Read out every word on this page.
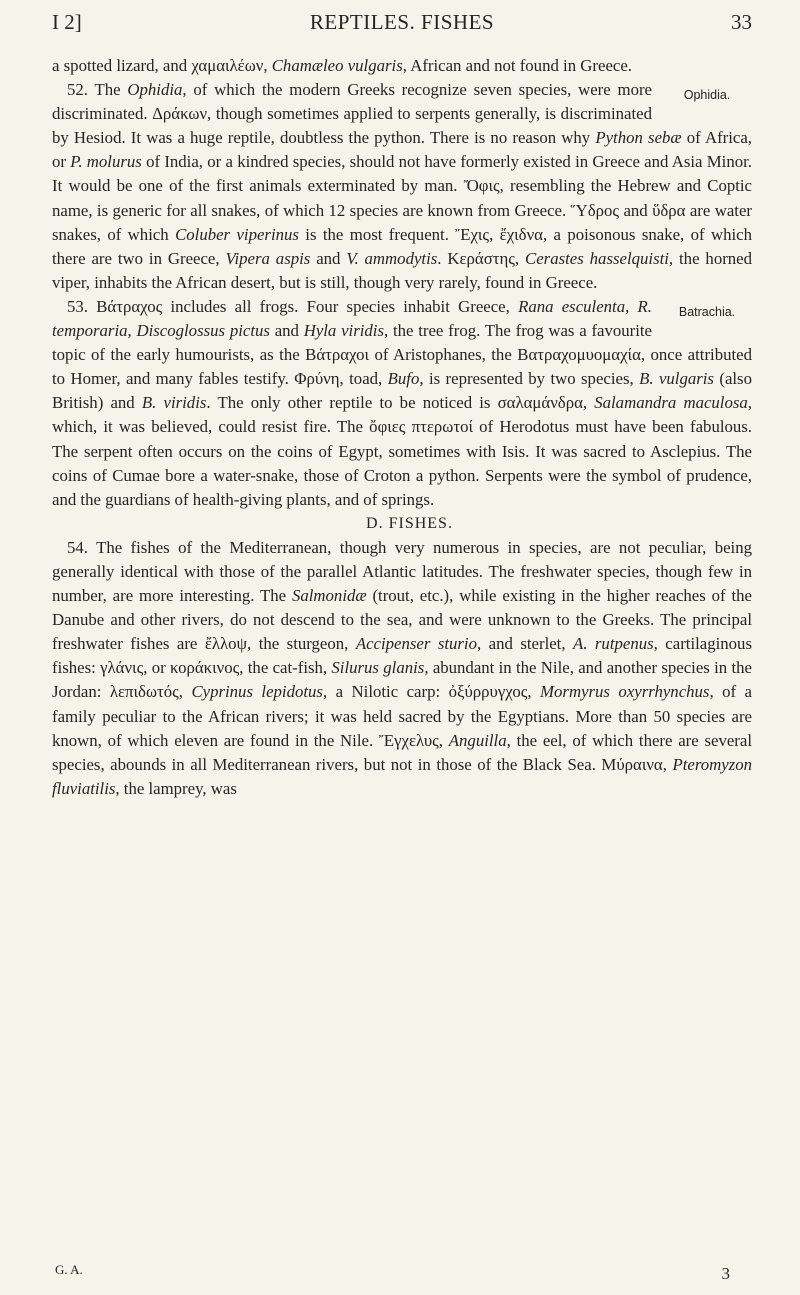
I 2]	REPTILES. FISHES	33

a spotted lizard, and χαμαιλέων, Chamæleo vulgaris, African and not found in Greece.

Ophidia.
52. The Ophidia, of which the modern Greeks recognize seven species, were more discriminated. Δράκων, though sometimes applied to serpents generally, is discriminated by Hesiod. It was a huge reptile, doubtless the python. There is no reason why Python sebæ of Africa, or P. molurus of India, or a kindred species, should not have formerly existed in Greece and Asia Minor. It would be one of the first animals exterminated by man. Ὄφις, resembling the Hebrew and Coptic name, is generic for all snakes, of which 12 species are known from Greece. Ὕδρος and ὕδρα are water snakes, of which Coluber viperinus is the most frequent. Ἔχις, ἔχιδνα, a poisonous snake, of which there are two in Greece, Vipera aspis and V. ammodytis. Κεράστης, Cerastes hasselquisti, the horned viper, inhabits the African desert, but is still, though very rarely, found in Greece.

Batrachia.
53. Βάτραχος includes all frogs. Four species inhabit Greece, Rana esculenta, R. temporaria, Discoglossus pictus and Hyla viridis, the tree frog. The frog was a favourite topic of the early humourists, as the Βάτραχοι of Aristophanes, the Βατραχομυομαχία, once attributed to Homer, and many fables testify. Φρύνη, toad, Bufo, is represented by two species, B. vulgaris (also British) and B. viridis. The only other reptile to be noticed is σαλαμάνδρα, Salamandra maculosa, which, it was believed, could resist fire. The ὄφιες πτερωτοί of Herodotus must have been fabulous. The serpent often occurs on the coins of Egypt, sometimes with Isis. It was sacred to Asclepius. The coins of Cumae bore a water-snake, those of Croton a python. Serpents were the symbol of prudence, and the guardians of health-giving plants, and of springs.

D. FISHES.

54. The fishes of the Mediterranean, though very numerous in species, are not peculiar, being generally identical with those of the parallel Atlantic latitudes. The freshwater species, though few in number, are more interesting. The Salmonidæ (trout, etc.), while existing in the higher reaches of the Danube and other rivers, do not descend to the sea, and were unknown to the Greeks. The principal freshwater fishes are ἔλλοψ, the sturgeon, Accipenser sturio, and sterlet, A. rutpenus, cartilaginous fishes: γλάνις, or κοράκινος, the cat-fish, Silurus glanis, abundant in the Nile, and another species in the Jordan: λεπιδωτός, Cyprinus lepidotus, a Nilotic carp: ὀξύρρυγχος, Mormyrus oxyrrhynchus, of a family peculiar to the African rivers; it was held sacred by the Egyptians. More than 50 species are known, of which eleven are found in the Nile. Ἔγχελυς, Anguilla, the eel, of which there are several species, abounds in all Mediterranean rivers, but not in those of the Black Sea. Μύραινα, Pteromyzon fluviatilis, the lamprey, was

G. A.	3
